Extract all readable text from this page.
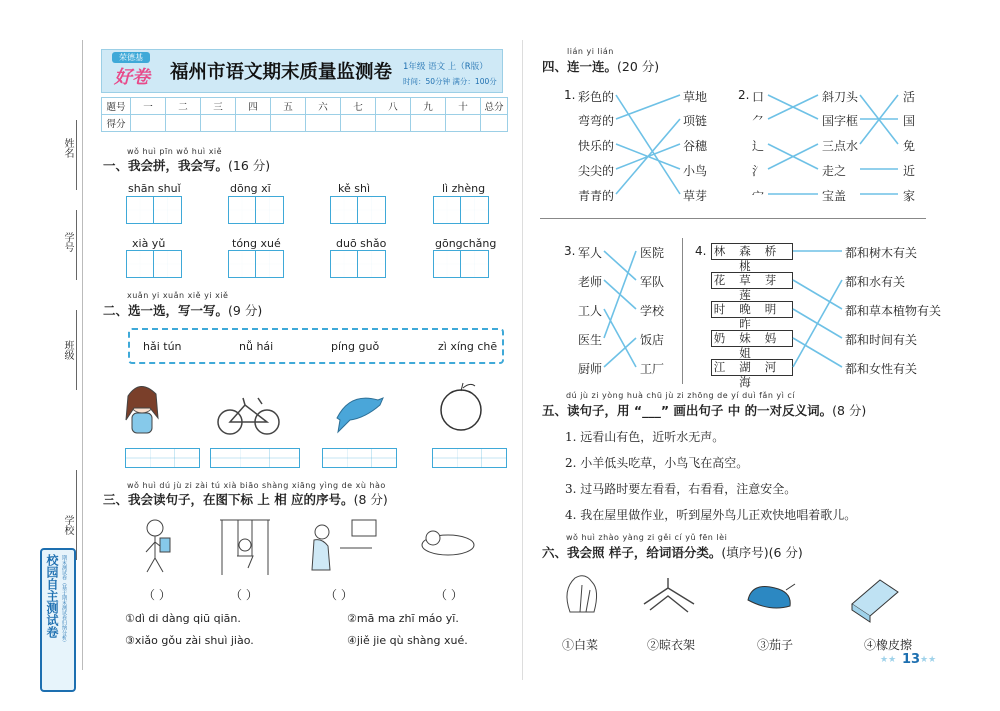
姓名
学号
班级
学校
校园自主测试卷 期末测试卷（基于期末测试卷归纳分析）
荣德基
好卷	福州市语文期末质量监测卷 1年级 语文 上（R版）
时间：50分钟 满分：100分
题号	一	二	三	四	五	六	七	八	九	十	总分
得分											
wǒ huì pīn wǒ huì xiě
一、我会拼，我会写。(16 分)
shān shuǐ	dōng xī	kě shì	lì zhèng
xià yǔ	tóng xué	duō shǎo	gōngchǎng
xuǎn yi xuǎn xiě yi xiě
二、选一选，写一写。(9 分)
hǎi tún	nǚ hái	píng guǒ	zì xíng chē
wǒ huì dú jù zi zài tú xià biāo shàng xiāng yìng de xù hào
三、我会读句子，在图下标 上 相 应的序号。(8 分)
（ ）	（ ）	（ ）	（ ）
①dì di dàng qiū qiān.	②mā ma zhī máo yī.
③xiǎo gǒu zài shuì jiào.	④jiě jie qù shàng xué.
lián yi lián
四、连一连。(20 分)
1. 彩色的
弯弯的
快乐的
尖尖的
青青的
草地
项链
谷穗
小鸟
草芽
2. 口
⺈
辶
氵
宀
斜刀头
国字框
三点水
走之
宝盖
活
国
免
近
家
3. 军人
老师
工人
医生
厨师
医院
军队
学校
饭店
工厂
4. 林森桥桃
花草芽莲
时晚明昨
奶妹妈姐
江湖河海
都和树木有关
都和水有关
都和草本植物有关
都和时间有关
都和女性有关
dú jù zi yòng huà chū jù zi zhōng de yí duì fǎn yì cí
五、读句子，用 “___” 画出句子 中 的一对反义词。(8 分)
1. 远看山有色，近听水无声。
2. 小羊低头吃草，小鸟飞在高空。
3. 过马路时要左看看，右看看，注意安全。
4. 我在屋里做作业，听到屋外鸟儿正欢快地唱着歌儿。
wǒ huì zhào yàng zi gěi cí yǔ fēn lèi
六、我会照 样子，给词语分类。(填序号)(6 分)
①白菜	②晾衣架	③茄子	④橡皮擦
★★ 13 ★★
